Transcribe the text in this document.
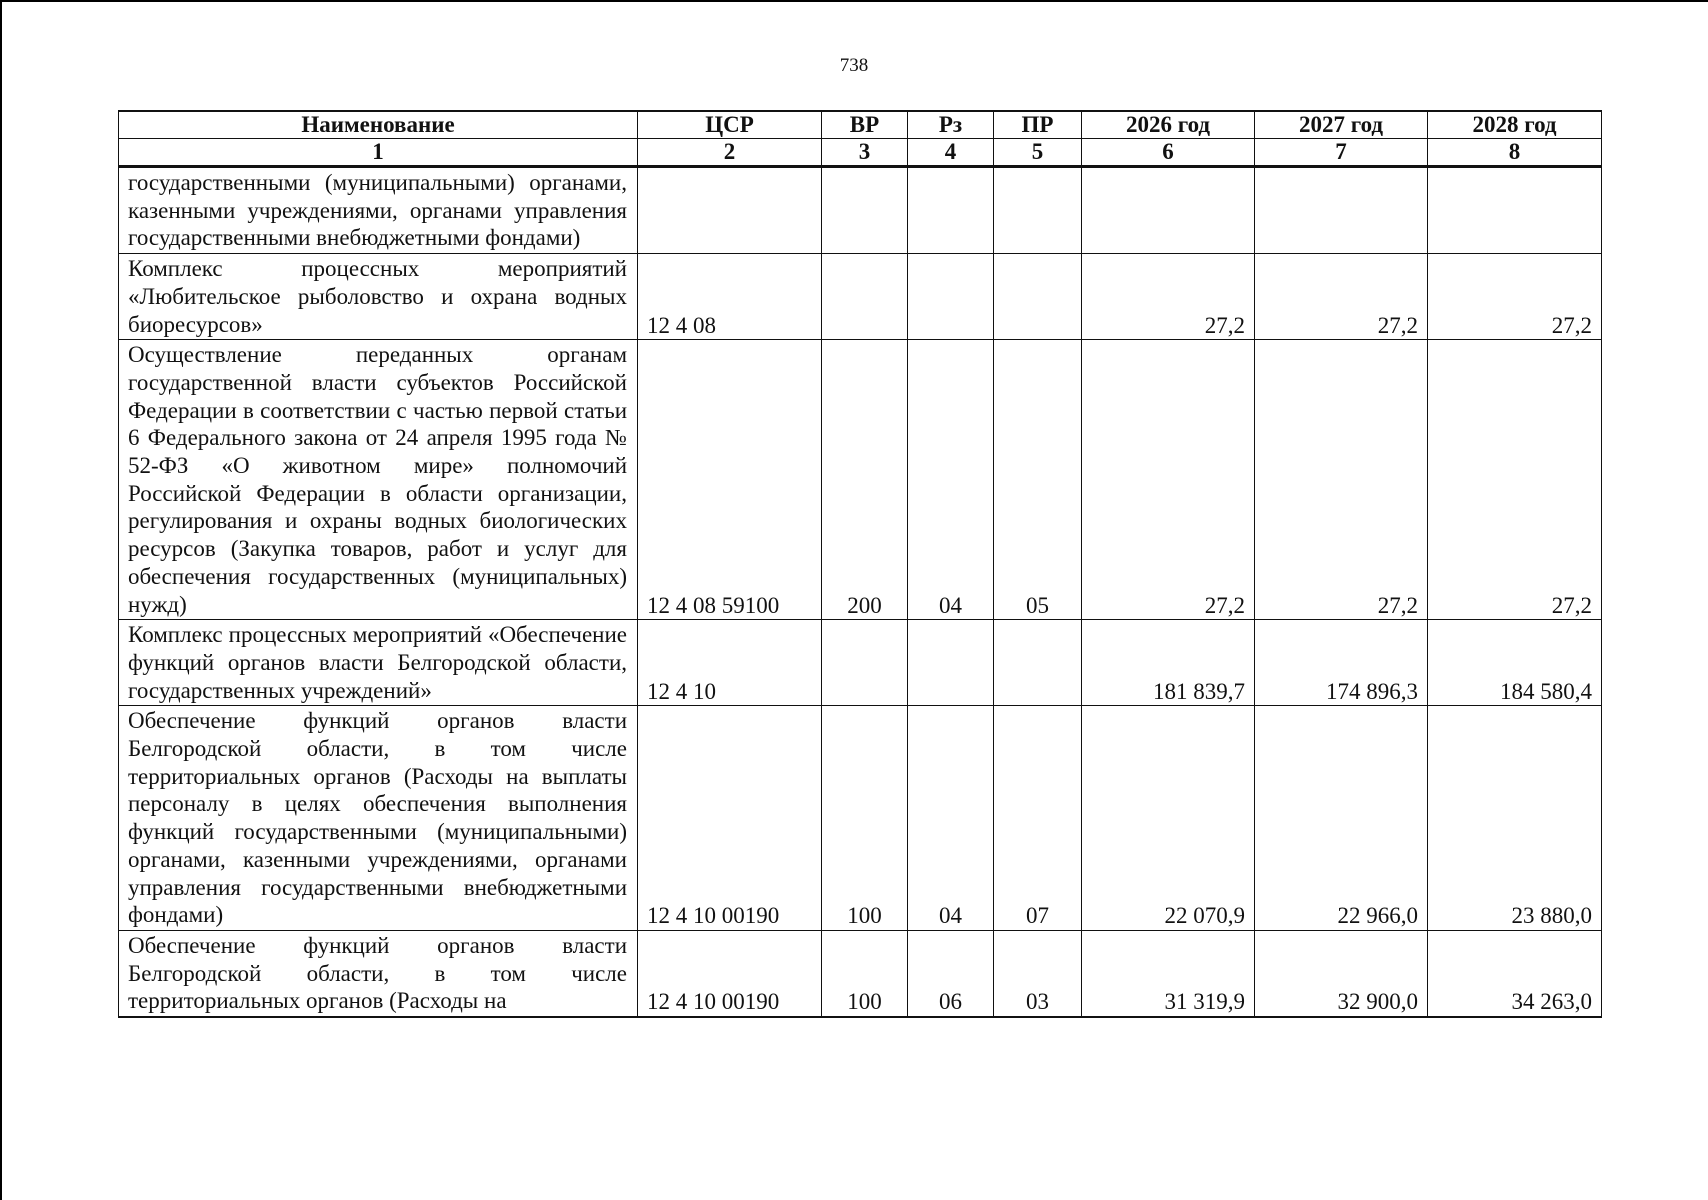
738
Наименование	ЦСР	ВР	Рз	ПР	2026 год	2027 год	2028 год
1	2	3	4	5	6	7	8
государственными (муниципальными) органами, казенными учреждениями, органами управления государственными внебюджетными фондами)							
Комплекс процессных мероприятий «Любительское рыболовство и охрана водных биоресурсов»	12 4 08				27,2	27,2	27,2
Осуществление переданных органам государственной власти субъектов Российской Федерации в соответствии с частью первой статьи 6 Федерального закона от 24 апреля 1995 года № 52-ФЗ «О животном мире» полномочий Российской Федерации в области организации, регулирования и охраны водных биологических ресурсов (Закупка товаров, работ и услуг для обеспечения государственных (муниципальных) нужд)	12 4 08 59100	200	04	05	27,2	27,2	27,2
Комплекс процессных мероприятий «Обеспечение функций органов власти Белгородской области, государственных учреждений»	12 4 10				181 839,7	174 896,3	184 580,4
Обеспечение функций органов власти Белгородской области, в том числе территориальных органов (Расходы на выплаты персоналу в целях обеспечения выполнения функций государственными (муниципальными) органами, казенными учреждениями, органами управления государственными внебюджетными фондами)	12 4 10 00190	100	04	07	22 070,9	22 966,0	23 880,0
Обеспечение функций органов власти Белгородской области, в том числе территориальных органов (Расходы на	12 4 10 00190	100	06	03	31 319,9	32 900,0	34 263,0
